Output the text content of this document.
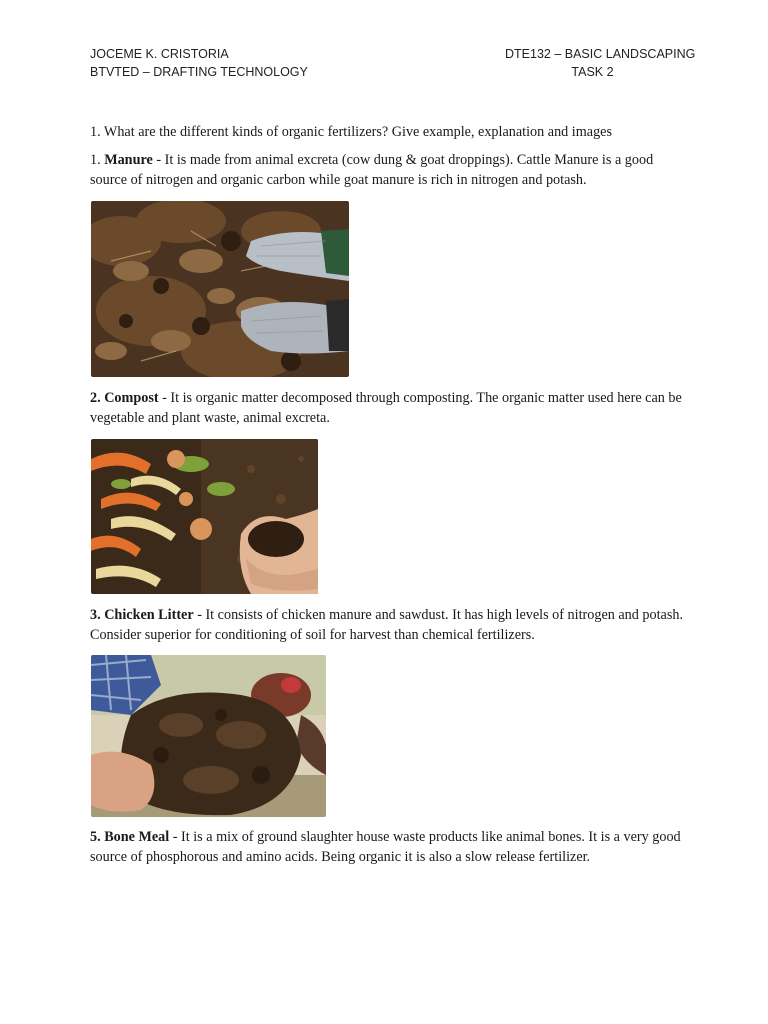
JOCEME K. CRISTORIA
BTVTED – DRAFTING TECHNOLOGY
DTE132 – BASIC LANDSCAPING
TASK 2
1. What are the different kinds of organic fertilizers? Give example, explanation and images
1. Manure - It is made from animal excreta (cow dung & goat droppings). Cattle Manure is a good source of nitrogen and organic carbon while goat manure is rich in nitrogen and potash.
2. Compost - It is organic matter decomposed through composting. The organic matter used here can be vegetable and plant waste, animal excreta.
3. Chicken Litter - It consists of chicken manure and sawdust. It has high levels of nitrogen and potash. Consider superior for conditioning of soil for harvest than chemical fertilizers.
5. Bone Meal - It is a mix of ground slaughter house waste products like animal bones. It is a very good source of phosphorous and amino acids. Being organic it is also a slow release fertilizer.
